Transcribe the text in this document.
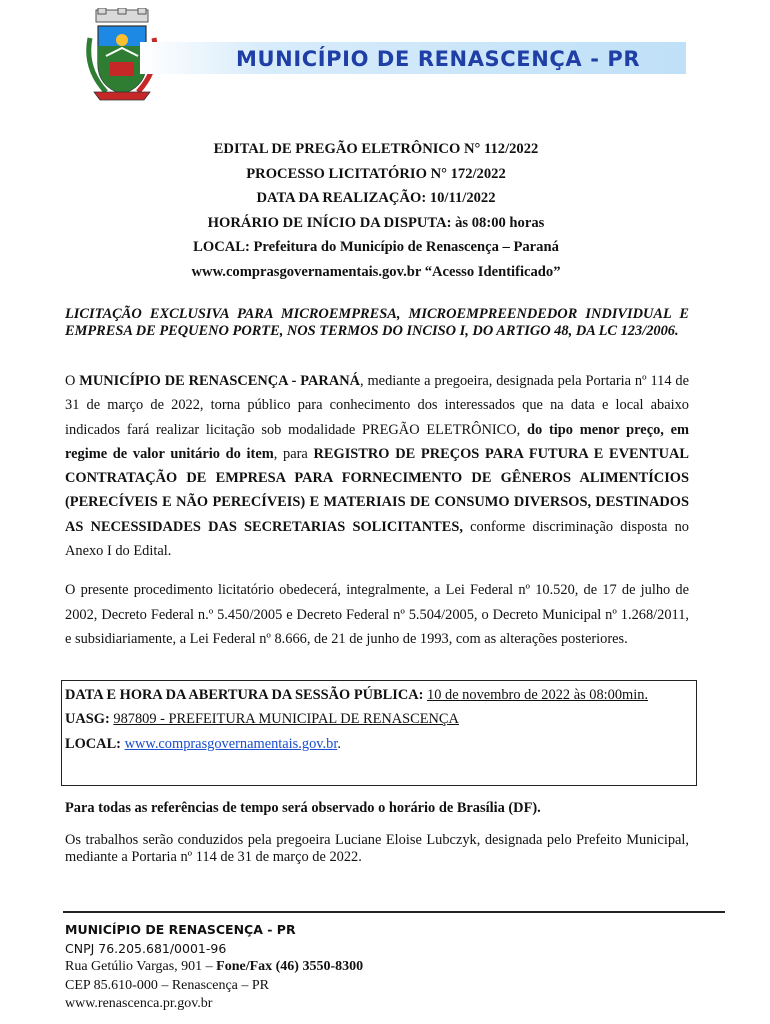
MUNICÍPIO DE RENASCENÇA - PR
EDITAL DE PREGÃO ELETRÔNICO N° 112/2022
PROCESSO LICITATÓRIO N° 172/2022
DATA DA REALIZAÇÃO: 10/11/2022
HORÁRIO DE INÍCIO DA DISPUTA: às 08:00 horas
LOCAL: Prefeitura do Município de Renascença – Paraná
www.comprasgovernamentais.gov.br “Acesso Identificado”
LICITAÇÃO EXCLUSIVA PARA MICROEMPRESA, MICROEMPREENDEDOR INDIVIDUAL E EMPRESA DE PEQUENO PORTE, NOS TERMOS DO INCISO I, DO ARTIGO 48, DA LC 123/2006.
O MUNICÍPIO DE RENASCENÇA - PARANÁ, mediante a pregoeira, designada pela Portaria nº 114 de 31 de março de 2022, torna público para conhecimento dos interessados que na data e local abaixo indicados fará realizar licitação sob modalidade PREGÃO ELETRÔNICO, do tipo menor preço, em regime de valor unitário do item, para REGISTRO DE PREÇOS PARA FUTURA E EVENTUAL CONTRATAÇÃO DE EMPRESA PARA FORNECIMENTO DE GÊNEROS ALIMENTÍCIOS (PERECÍVEIS E NÃO PERECÍVEIS) E MATERIAIS DE CONSUMO DIVERSOS, DESTINADOS AS NECESSIDADES DAS SECRETARIAS SOLICITANTES, conforme discriminação disposta no Anexo I do Edital.
O presente procedimento licitatório obedecerá, integralmente, a Lei Federal nº 10.520, de 17 de julho de 2002, Decreto Federal n.º 5.450/2005 e Decreto Federal nº 5.504/2005, o Decreto Municipal nº 1.268/2011, e subsidiariamente, a Lei Federal nº 8.666, de 21 de junho de 1993, com as alterações posteriores.
DATA E HORA DA ABERTURA DA SESSÃO PÚBLICA: 10 de novembro de 2022 às 08:00min.
UASG: 987809 - PREFEITURA MUNICIPAL DE RENASCENÇA
LOCAL: www.comprasgovernamentais.gov.br.
Para todas as referências de tempo será observado o horário de Brasília (DF).
Os trabalhos serão conduzidos pela pregoeira Luciane Eloise Lubczyk, designada pelo Prefeito Municipal, mediante a Portaria nº 114 de 31 de março de 2022.
MUNICÍPIO DE RENASCENÇA - PR
CNPJ 76.205.681/0001-96
Rua Getúlio Vargas, 901 – Fone/Fax (46) 3550-8300
CEP 85.610-000 – Renascença – PR
www.renascenca.pr.gov.br
